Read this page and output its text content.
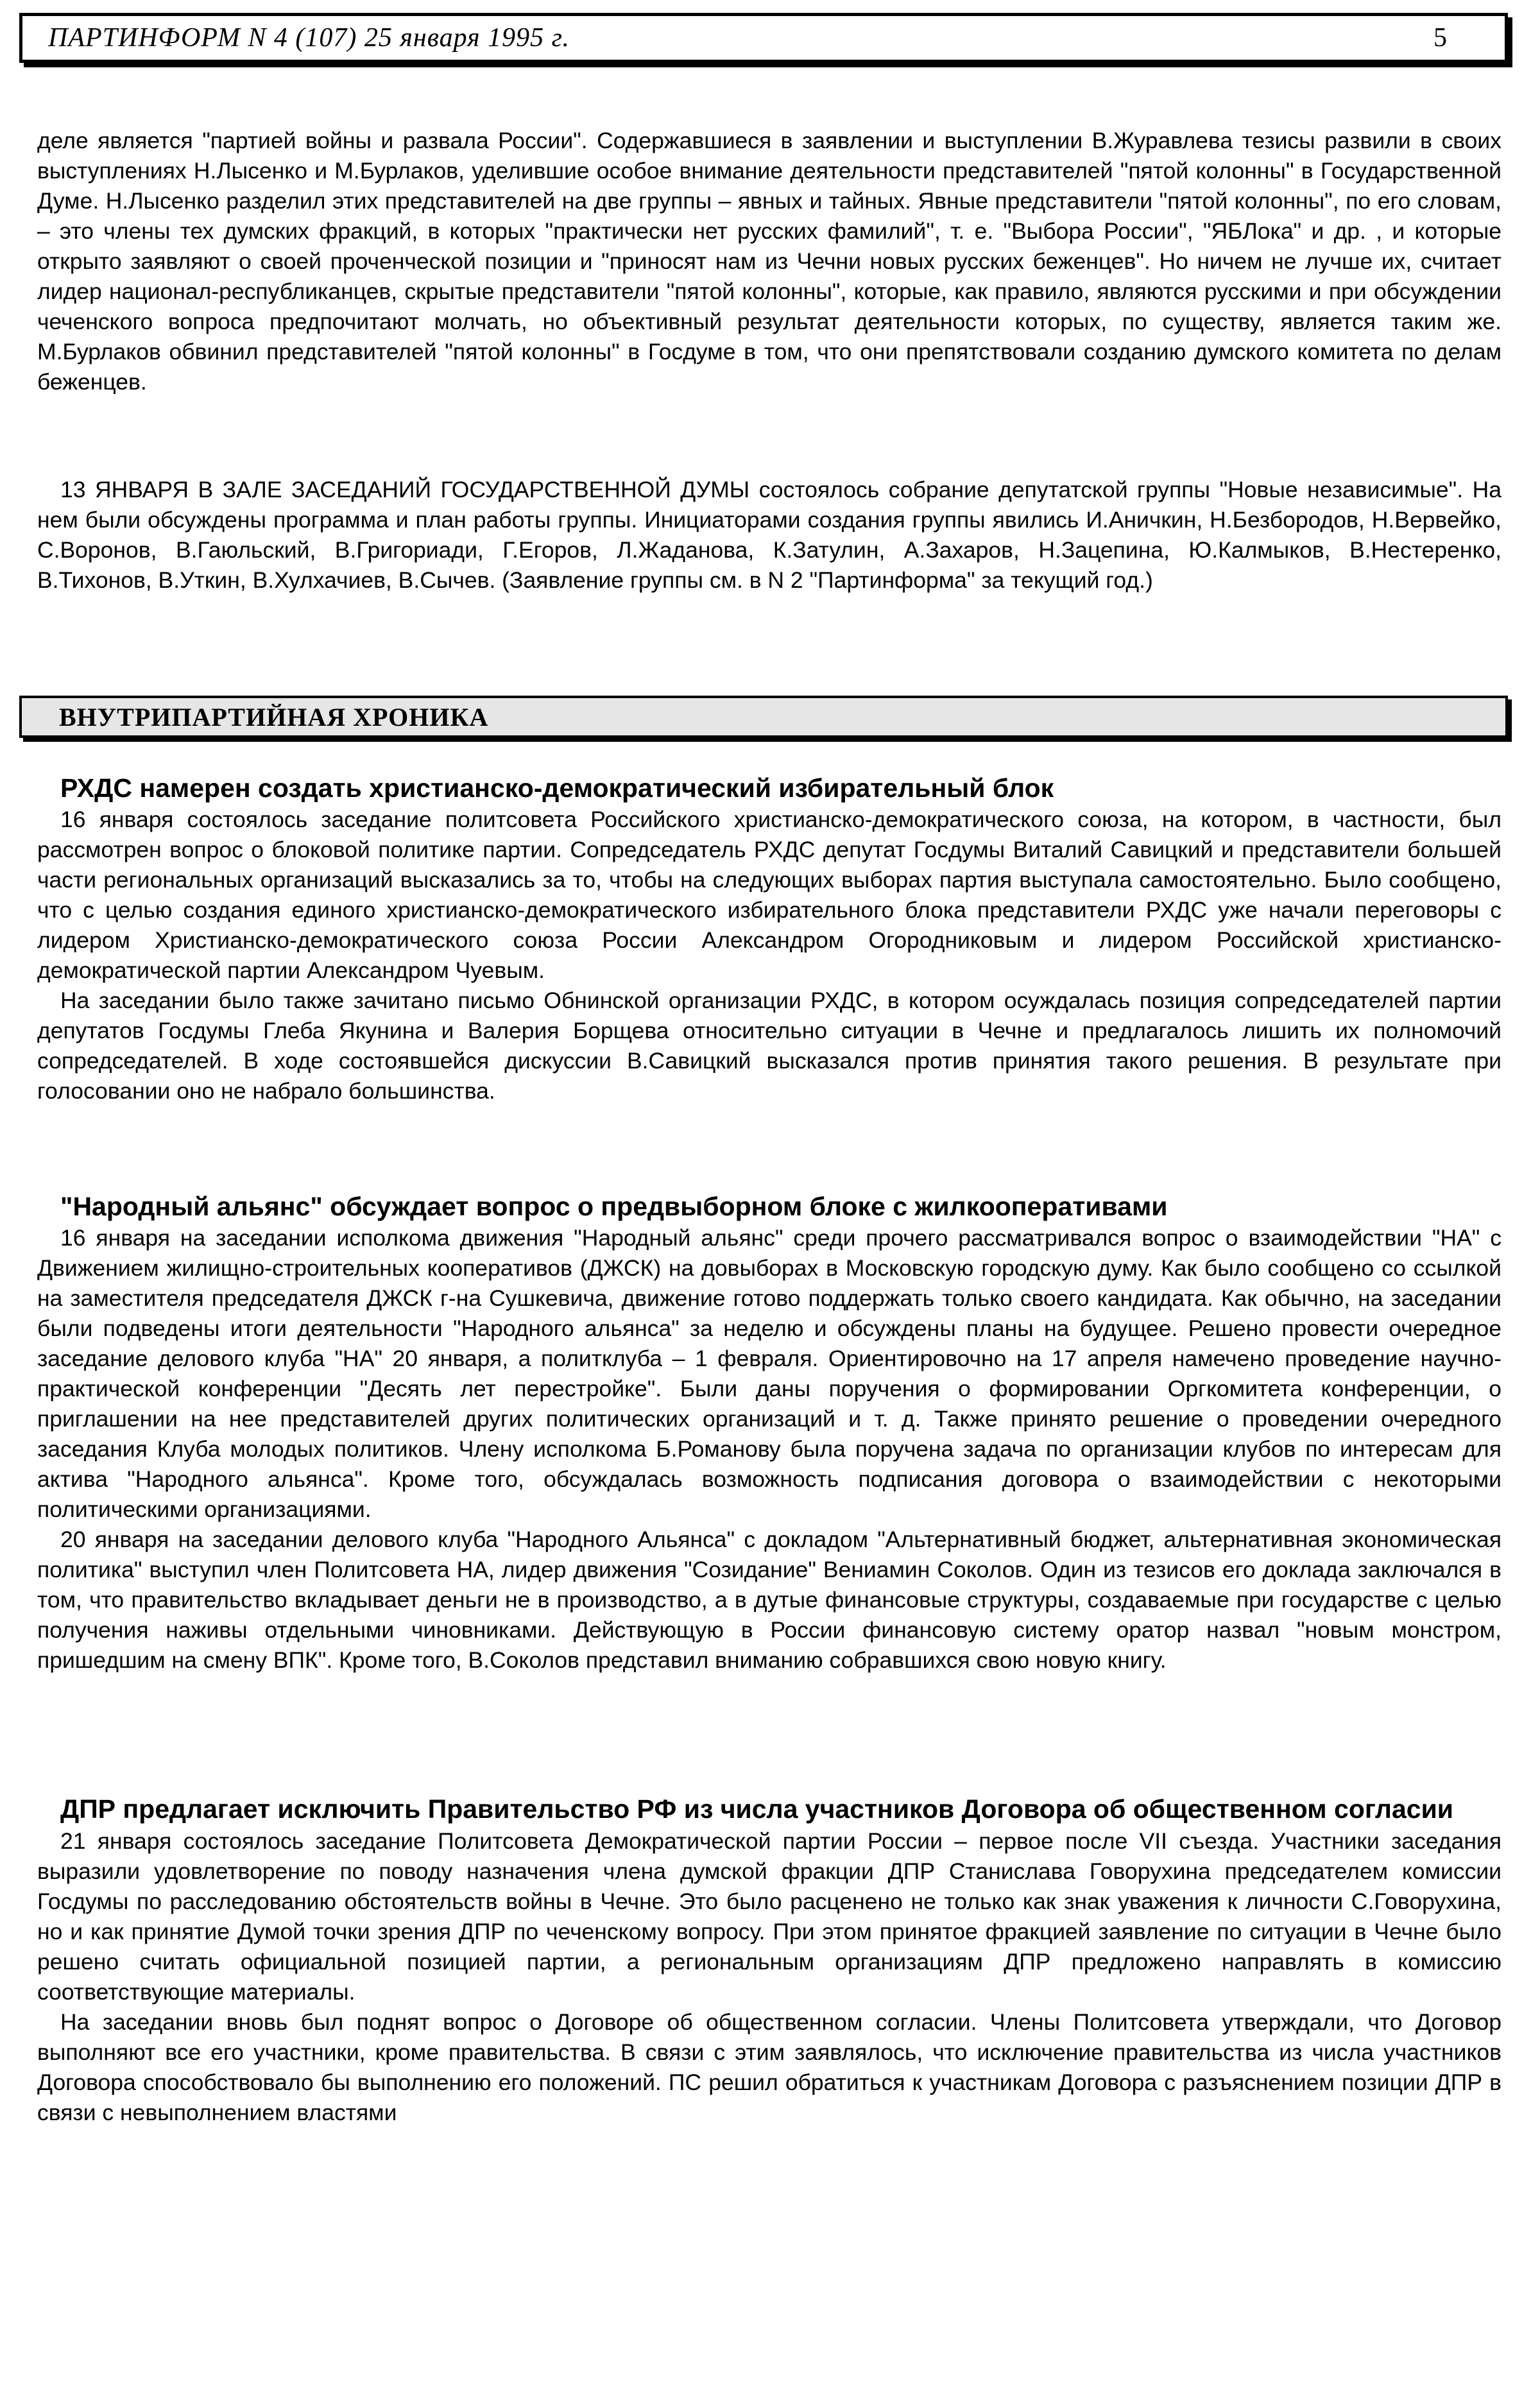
ПАРТИНФОРМ N 4 (107) 25 января 1995 г.	5

деле является "партией войны и развала России". Содержавшиеся в заявлении и выступлении В.Журавлева тезисы развили в своих выступлениях Н.Лысенко и М.Бурлаков, уделившие особое внимание деятельности представителей "пятой колонны" в Государственной Думе. Н.Лысенко разделил этих представителей на две группы – явных и тайных. Явные представители "пятой колонны", по его словам, – это члены тех думских фракций, в которых "практически нет русских фамилий", т. е. "Выбора России", "ЯБЛока" и др. , и которые открыто заявляют о своей проченческой позиции и "приносят нам из Чечни новых русских беженцев". Но ничем не лучше их, считает лидер национал-республиканцев, скрытые представители "пятой колонны", которые, как правило, являются русскими и при обсуждении чеченского вопроса предпочитают молчать, но объективный результат деятельности которых, по существу, является таким же. М.Бурлаков обвинил представителей "пятой колонны" в Госдуме в том, что они препятствовали созданию думского комитета по делам беженцев.

13 ЯНВАРЯ В ЗАЛЕ ЗАСЕДАНИЙ ГОСУДАРСТВЕННОЙ ДУМЫ состоялось собрание депутатской группы "Новые независимые". На нем были обсуждены программа и план работы группы. Инициаторами создания группы явились И.Аничкин, Н.Безбородов, Н.Вервейко, С.Воронов, В.Гаюльский, В.Григориади, Г.Егоров, Л.Жаданова, К.Затулин, А.Захаров, Н.Зацепина, Ю.Калмыков, В.Нестеренко, В.Тихонов, В.Уткин, В.Хулхачиев, В.Сычев. (Заявление группы см. в N 2 "Партинформа" за текущий год.)

ВНУТРИПАРТИЙНАЯ ХРОНИКА
РХДС намерен создать христианско-демократический избирательный блок

16 января состоялось заседание политсовета Российского христианско-демократического союза, на котором, в частности, был рассмотрен вопрос о блоковой политике партии. Сопредседатель РХДС депутат Госдумы Виталий Савицкий и представители большей части региональных организаций высказались за то, чтобы на следующих выборах партия выступала самостоятельно. Было сообщено, что с целью создания единого христианско-демократического избирательного блока представители РХДС уже начали переговоры с лидером Христианско-демократического союза России Александром Огородниковым и лидером Российской христианско-демократической партии Александром Чуевым.

На заседании было также зачитано письмо Обнинской организации РХДС, в котором осуждалась позиция сопредседателей партии депутатов Госдумы Глеба Якунина и Валерия Борщева относительно ситуации в Чечне и предлагалось лишить их полномочий сопредседателей. В ходе состоявшейся дискуссии В.Савицкий высказался против принятия такого решения. В результате при голосовании оно не набрало большинства.

"Народный альянс" обсуждает вопрос о предвыборном блоке с жилкооперативами

16 января на заседании исполкома движения "Народный альянс" среди прочего рассматривался вопрос о взаимодействии "НА" с Движением жилищно-строительных кооперативов (ДЖСК) на довыборах в Московскую городскую думу. Как было сообщено со ссылкой на заместителя председателя ДЖСК г-на Сушкевича, движение готово поддержать только своего кандидата. Как обычно, на заседании были подведены итоги деятельности "Народного альянса" за неделю и обсуждены планы на будущее. Решено провести очередное заседание делового клуба "НА" 20 января, а политклуба – 1 февраля. Ориентировочно на 17 апреля намечено проведение научно-практической конференции "Десять лет перестройке". Были даны поручения о формировании Оргкомитета конференции, о приглашении на нее представителей других политических организаций и т. д. Также принято решение о проведении очередного заседания Клуба молодых политиков. Члену исполкома Б.Романову была поручена задача по организации клубов по интересам для актива "Народного альянса". Кроме того, обсуждалась возможность подписания договора о взаимодействии с некоторыми политическими организациями.

20 января на заседании делового клуба "Народного Альянса" с докладом "Альтернативный бюджет, альтернативная экономическая политика" выступил член Политсовета НА, лидер движения "Созидание" Вениамин Соколов. Один из тезисов его доклада заключался в том, что правительство вкладывает деньги не в производство, а в дутые финансовые структуры, создаваемые при государстве с целью получения наживы отдельными чиновниками. Действующую в России финансовую систему оратор назвал "новым монстром, пришедшим на смену ВПК". Кроме того, В.Соколов представил вниманию собравшихся свою новую книгу.

ДПР предлагает исключить Правительство РФ из числа участников Договора об общественном согласии

21 января состоялось заседание Политсовета Демократической партии России – первое после VII съезда. Участники заседания выразили удовлетворение по поводу назначения члена думской фракции ДПР Станислава Говорухина председателем комиссии Госдумы по расследованию обстоятельств войны в Чечне. Это было расценено не только как знак уважения к личности С.Говорухина, но и как принятие Думой точки зрения ДПР по чеченскому вопросу. При этом принятое фракцией заявление по ситуации в Чечне было решено считать официальной позицией партии, а региональным организациям ДПР предложено направлять в комиссию соответствующие материалы.

На заседании вновь был поднят вопрос о Договоре об общественном согласии. Члены Политсовета утверждали, что Договор выполняют все его участники, кроме правительства. В связи с этим заявлялось, что исключение правительства из числа участников Договора способствовало бы выполнению его положений. ПС решил обратиться к участникам Договора с разъяснением позиции ДПР в связи с невыполнением властями
